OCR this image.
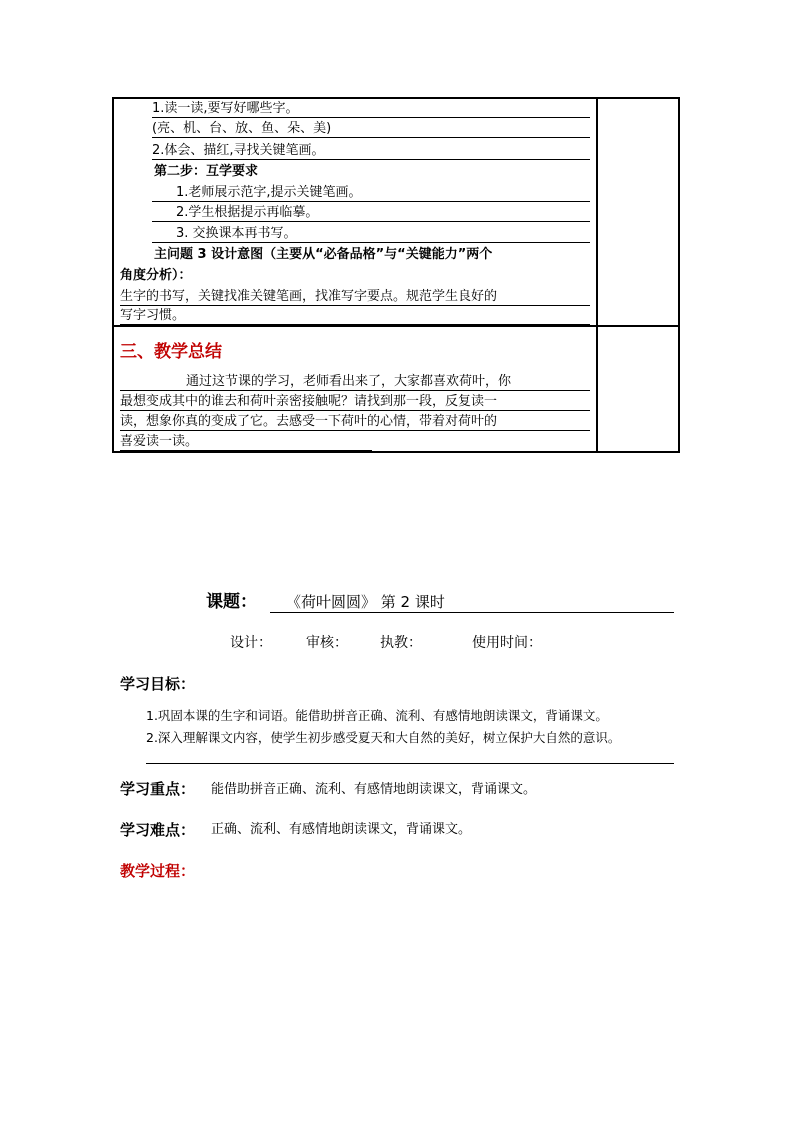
1.读一读,要写好哪些字。
(亮、机、台、放、鱼、朵、美)
2.体会、描红,寻找关键笔画。
第二步：互学要求
1.老师展示范字,提示关键笔画。
2.学生根据提示再临摹。
3. 交换课本再书写。
主问题 3 设计意图（主要从“必备品格”与“关键能力”两个
角度分析）：
生字的书写，关键找准关键笔画，找准写字要点。规范学生良好的
写字习惯。
三、教学总结
通过这节课的学习，老师看出来了，大家都喜欢荷叶，你
最想变成其中的谁去和荷叶亲密接触呢？请找到那一段，反复读一
读，想象你真的变成了它。去感受一下荷叶的心情，带着对荷叶的
喜爱读一读。
课题：	《荷叶圆圆》 第 2 课时
设计： 审核： 执教：	使用时间：
学习目标：
1.巩固本课的生字和词语。能借助拼音正确、流利、有感情地朗读课文，背诵课文。
2.深入理解课文内容，使学生初步感受夏天和大自然的美好，树立保护大自然的意识。
学习重点： 能借助拼音正确、流利、有感情地朗读课文，背诵课文。
学习难点： 正确、流利、有感情地朗读课文，背诵课文。
教学过程：
